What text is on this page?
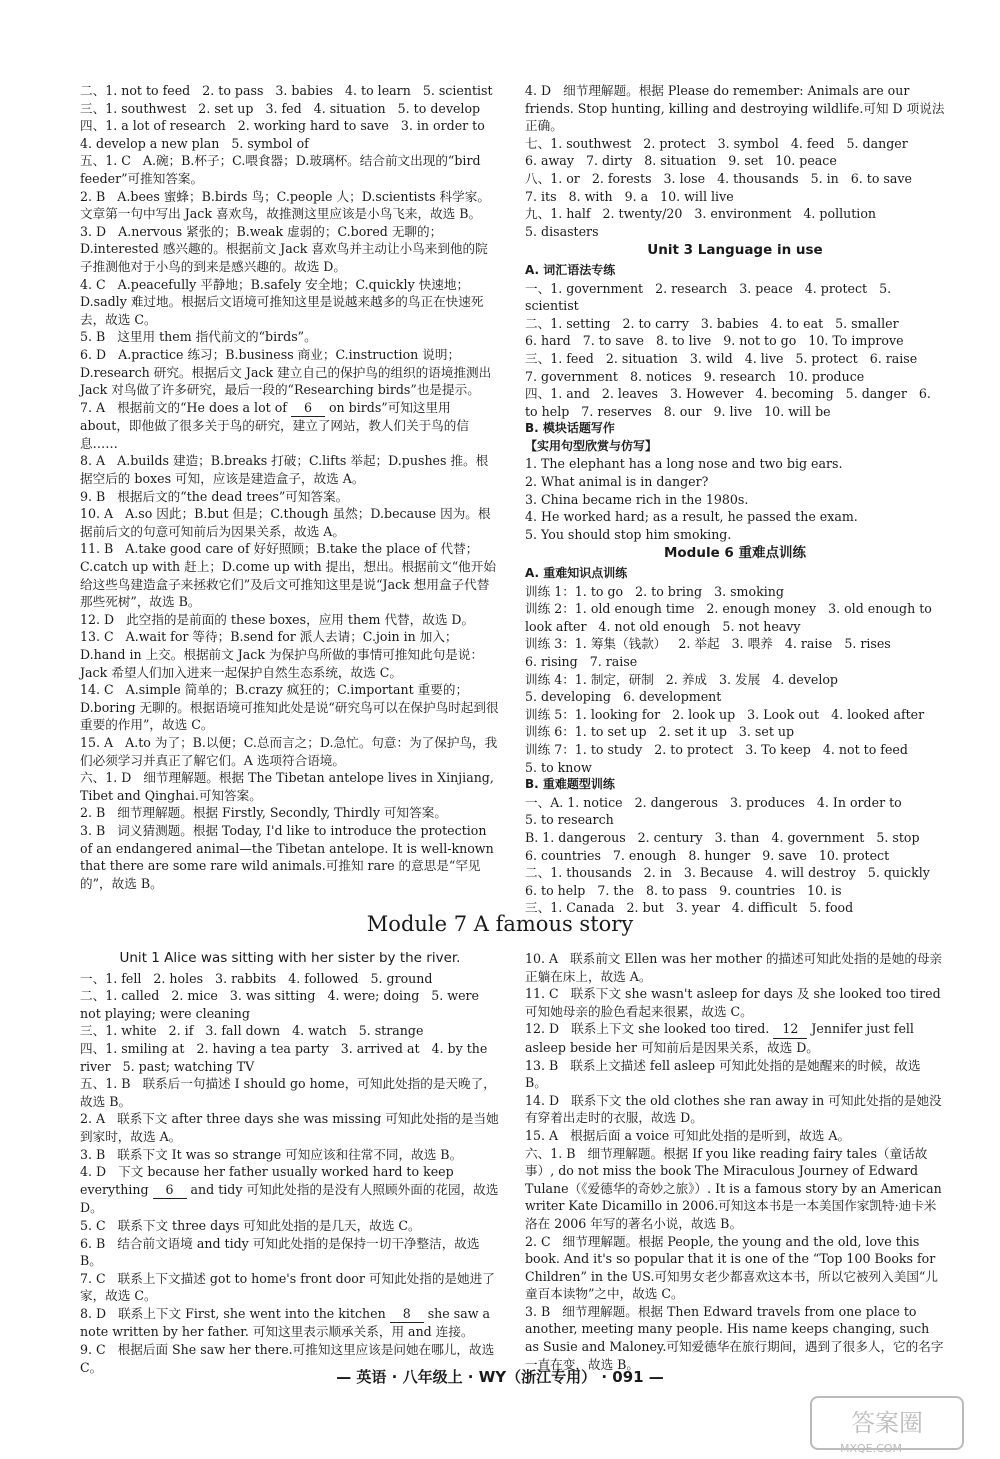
二、1. not to feed   2. to pass   3. babies   4. to learn   5. scientist
三、1. southwest   2. set up   3. fed   4. situation   5. to develop
四、1. a lot of research   2. working hard to save   3. in order to
4. develop a new plan   5. symbol of
五、1. C   A.碗；B.杯子；C.喂食器；D.玻璃杯。结合前文出现的“bird feeder”可推知答案。
2. B   A.bees 蜜蜂；B.birds 鸟；C.people 人；D.scientists 科学家。文章第一句中写出 Jack 喜欢鸟，故推测这里应该是小鸟飞来，故选 B。
3. D   A.nervous 紧张的；B.weak 虚弱的；C.bored 无聊的；D.interested 感兴趣的。根据前文 Jack 喜欢鸟并主动让小鸟来到他的院子推测他对于小鸟的到来是感兴趣的。故选 D。
4. C   A.peacefully 平静地；B.safely 安全地；C.quickly 快速地；D.sadly 难过地。根据后文语境可推知这里是说越来越多的鸟正在快速死去，故选 C。
5. B   这里用 them 指代前文的“birds”。
6. D   A.practice 练习；B.business 商业；C.instruction 说明；D.research 研究。根据后文 Jack 建立自己的保护鸟的组织的语境推测出 Jack 对鸟做了许多研究，最后一段的“Researching birds”也是提示。
7. A   根据前文的“He does a lot of 6 on birds”可知这里用 about，即他做了很多关于鸟的研究，建立了网站，教人们关于鸟的信息……
8. A   A.builds 建造；B.breaks 打破；C.lifts 举起；D.pushes 推。根据空后的 boxes 可知，应该是建造盒子，故选 A。
9. B   根据后文的“the dead trees”可知答案。
10. A   A.so 因此；B.but 但是；C.though 虽然；D.because 因为。根据前后文的句意可知前后为因果关系，故选 A。
11. B   A.take good care of 好好照顾；B.take the place of 代替；C.catch up with 赶上；D.come up with 提出，想出。根据前文“他开始给这些鸟建造盒子来拯救它们”及后文可推知这里是说“Jack 想用盒子代替那些死树”，故选 B。
12. D   此空指的是前面的 these boxes，应用 them 代替，故选 D。
13. C   A.wait for 等待；B.send for 派人去请；C.join in 加入；D.hand in 上交。根据前文 Jack 为保护鸟所做的事情可推知此句是说：Jack 希望人们加入进来一起保护自然生态系统，故选 C。
14. C   A.simple 简单的；B.crazy 疯狂的；C.important 重要的；D.boring 无聊的。根据语境可推知此处是说“研究鸟可以在保护鸟时起到很重要的作用”，故选 C。
15. A   A.to 为了；B.以便；C.总而言之；D.急忙。句意：为了保护鸟，我们必须学习并真正了解它们。A 选项符合语境。
六、1. D   细节理解题。根据 The Tibetan antelope lives in Xinjiang, Tibet and Qinghai.可知答案。
2. B   细节理解题。根据 Firstly, Secondly, Thirdly 可知答案。
3. B   词义猜测题。根据 Today, I'd like to introduce the protection of an endangered animal—the Tibetan antelope. It is well-known that there are some rare wild animals.可推知 rare 的意思是“罕见的”，故选 B。
4. D   细节理解题。根据 Please do remember: Animals are our friends. Stop hunting, killing and destroying wildlife.可知 D 项说法正确。
七、1. southwest   2. protect   3. symbol   4. feed   5. danger
6. away   7. dirty   8. situation   9. set   10. peace
八、1. or   2. forests   3. lose   4. thousands   5. in   6. to save
7. its   8. with   9. a   10. will live
九、1. half   2. twenty/20   3. environment   4. pollution
5. disasters
Unit 3 Language in use
A. 词汇语法专练
一、1. government   2. research   3. peace   4. protect   5. scientist
二、1. setting   2. to carry   3. babies   4. to eat   5. smaller
6. hard   7. to save   8. to live   9. not to go   10. To improve
三、1. feed   2. situation   3. wild   4. live   5. protect   6. raise
7. government   8. notices   9. research   10. produce
四、1. and   2. leaves   3. However   4. becoming   5. danger   6. to help   7. reserves   8. our   9. live   10. will be
B. 模块话题写作
【实用句型欣赏与仿写】
1. The elephant has a long nose and two big ears.
2. What animal is in danger?
3. China became rich in the 1980s.
4. He worked hard; as a result, he passed the exam.
5. You should stop him smoking.
Module 6 重难点训练
A. 重难知识点训练
训练 1：1. to go   2. to bring   3. smoking
训练 2：1. old enough time   2. enough money   3. old enough to look after   4. not old enough   5. not heavy
训练 3：1. 筹集（钱款）   2. 举起   3. 喂养   4. raise   5. rises
6. rising   7. raise
训练 4：1. 制定，研制   2. 养成   3. 发展   4. develop
5. developing   6. development
训练 5：1. looking for   2. look up   3. Look out   4. looked after
训练 6：1. to set up   2. set it up   3. set up
训练 7：1. to study   2. to protect   3. To keep   4. not to feed
5. to know
B. 重难题型训练
一、A. 1. notice   2. dangerous   3. produces   4. In order to
5. to research
B. 1. dangerous   2. century   3. than   4. government   5. stop
6. countries   7. enough   8. hunger   9. save   10. protect
二、1. thousands   2. in   3. Because   4. will destroy   5. quickly
6. to help   7. the   8. to pass   9. countries   10. is
三、1. Canada   2. but   3. year   4. difficult   5. food
Module 7 A famous story
Unit 1 Alice was sitting with her sister by the river.
一、1. fell   2. holes   3. rabbits   4. followed   5. ground
二、1. called   2. mice   3. was sitting   4. were; doing   5. were not playing; were cleaning
三、1. white   2. if   3. fall down   4. watch   5. strange
四、1. smiling at   2. having a tea party   3. arrived at   4. by the river   5. past; watching TV
五、1. B   联系后一句描述 I should go home，可知此处指的是天晚了，故选 B。
2. A   联系下文 after three days she was missing 可知此处指的是当她到家时，故选 A。
3. B   联系下文 It was so strange 可知应该和往常不同，故选 B。
4. D   下文 because her father usually worked hard to keep everything 6 and tidy 可知此处指的是没有人照顾外面的花园，故选 D。
5. C   联系下文 three days 可知此处指的是几天，故选 C。
6. B   结合前文语境 and tidy 可知此处指的是保持一切干净整洁，故选 B。
7. C   联系上下文描述 got to home's front door 可知此处指的是她进了家，故选 C。
8. D   联系上下文 First, she went into the kitchen 8 she saw a note written by her father. 可知这里表示顺承关系，用 and 连接。
9. C   根据后面 She saw her there.可推知这里应该是问她在哪儿，故选 C。
10. A   联系前文 Ellen was her mother 的描述可知此处指的是她的母亲正躺在床上，故选 A。
11. C   联系下文 she wasn't asleep for days 及 she looked too tired 可知她母亲的脸色看起来很累，故选 C。
12. D   联系上下文 she looked too tired. 12 Jennifer just fell asleep beside her 可知前后是因果关系，故选 D。
13. B   联系上文描述 fell asleep 可知此处指的是她醒来的时候，故选 B。
14. D   联系下文 the old clothes she ran away in 可知此处指的是她没有穿着出走时的衣服，故选 D。
15. A   根据后面 a voice 可知此处指的是听到，故选 A。
六、1. B   细节理解题。根据 If you like reading fairy tales（童话故事）, do not miss the book The Miraculous Journey of Edward Tulane（《爱德华的奇妙之旅》）. It is a famous story by an American writer Kate Dicamillo in 2006.可知这本书是一本美国作家凯特·迪卡米洛在 2006 年写的著名小说，故选 B。
2. C   细节理解题。根据 People, the young and the old, love this book. And it's so popular that it is one of the “Top 100 Books for Children” in the US.可知男女老少都喜欢这本书，所以它被列入美国“儿童百本读物”之中，故选 C。
3. B   细节理解题。根据 Then Edward travels from one place to another, meeting many people. His name keeps changing, such as Susie and Maloney.可知爱德华在旅行期间，遇到了很多人，它的名字一直在变，故选 B。
— 英语 · 八年级上 · WY（浙江专用） · 091 —
答案圈
MXQE.COM
